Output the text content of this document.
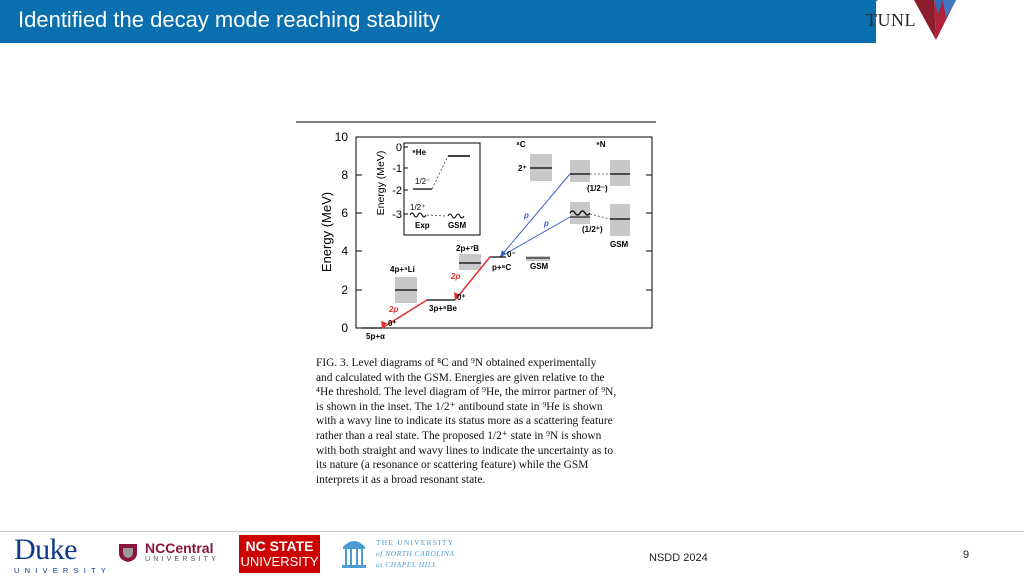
Identified the decay mode reaching stability	TUNL
0
2
4
6
8
10
Energy (MeV)
0
-1
-2
-3
Energy (MeV)	⁹He
1/2⁻
1/2⁺
Exp GSM
⁸C	⁹N
2⁺
(1/2⁻)
(1/2⁺)
GSM
p
p
0⁻
GSM
p+⁸C
2p+⁷B
4p+⁵Li
2p
0⁺
3p+⁶Be
2p
0⁺
5p+α
FIG. 3. Level diagrams of ⁸C and ⁹N obtained experimentally
and calculated with the GSM. Energies are given relative to the
⁴He threshold. The level diagram of ⁹He, the mirror partner of ⁹N,
is shown in the inset. The 1/2⁺ antibound state in ⁹He is shown
with a wavy line to indicate its status more as a scattering feature
rather than a real state. The proposed 1/2⁺ state in ⁹N is shown
with both straight and wavy lines to indicate the uncertainty as to
its nature (a resonance or scattering feature) while the GSM
interprets it as a broad resonant state.
Duke
UNIVERSITY
NCCentral
UNIVERSITY
NC STATE
UNIVERSITY
THE UNIVERSITY
of NORTH CAROLINA
at CHAPEL HILL	NSDD 2024	9
